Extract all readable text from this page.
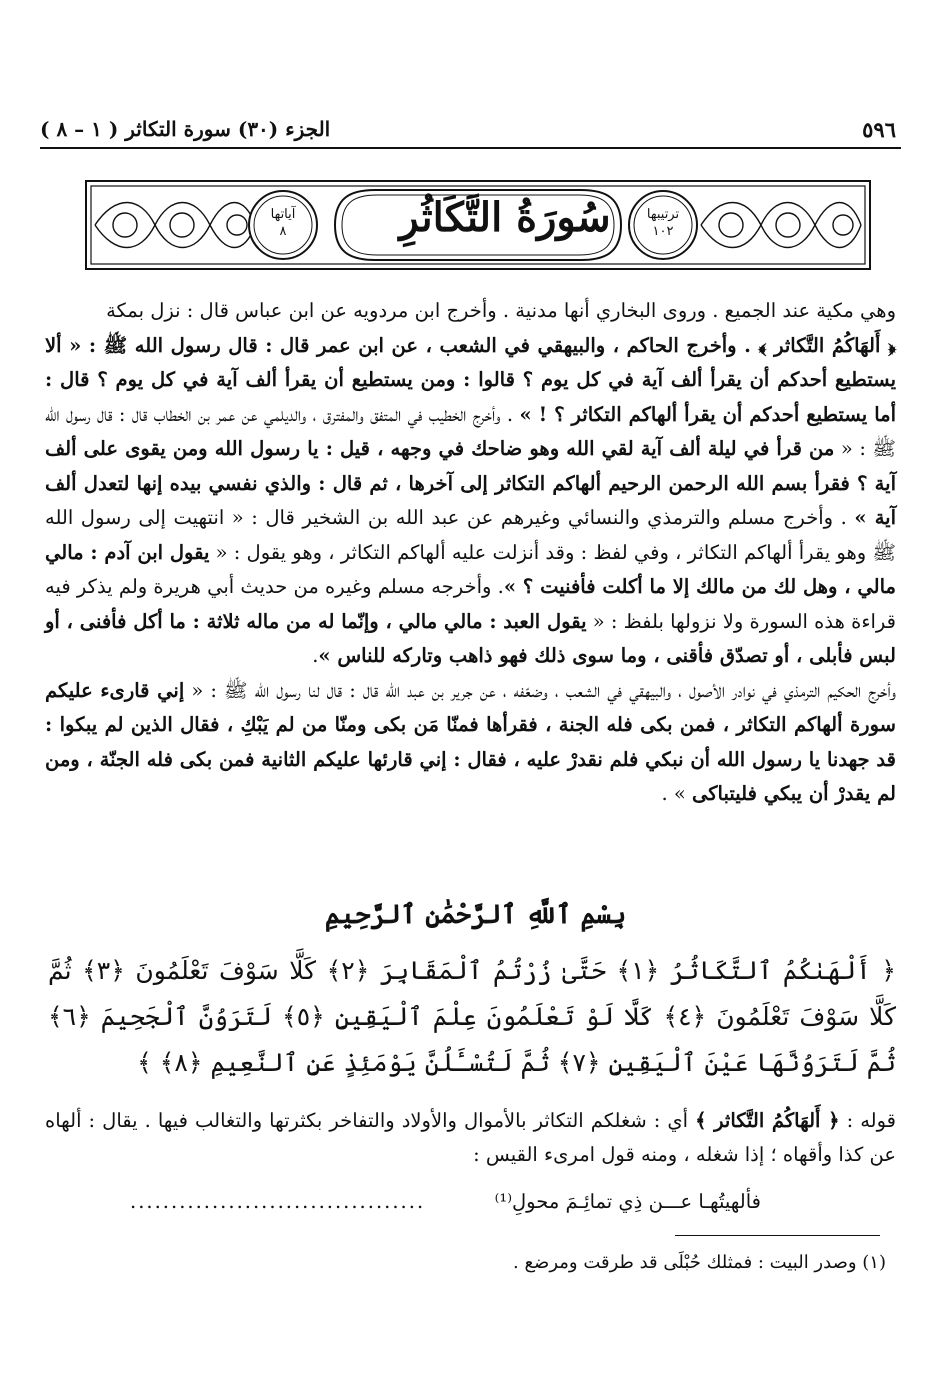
٥٩٦
الجزء (٣٠) سورة التكاثر ( ١ – ٨ )
سُورَةُ التَّكَاثُرِ	ترتيبها
١٠٢
آياتها
٨

وهي مكية عند الجميع . وروى البخاري أنها مدنية . وأخرج ابن مردويه عن ابن عباس قال : نزل بمكة

﴿ أَلهَاكُمُ التَّكاثر ﴾ . وأخرج الحاكم ، والبيهقي في الشعب ، عن ابن عمر قال : قال رسول الله ﷺ : « ألا يستطيع أحدكم أن يقرأ ألف آية في كل يوم ؟ قالوا : ومن يستطيع أن يقرأ ألف آية في كل يوم ؟ قال : أما يستطيع أحدكم أن يقرأ ألهاكم التكاثر ؟ ! » . وأخرج الخطيب في المتفق والمفترق ، والديلمي عن عمر بن الخطاب قال : قال رسول الله ﷺ : « من قرأ في ليلة ألف آية لقي الله وهو ضاحك في وجهه ، قيل : يا رسول الله ومن يقوى على ألف آية ؟ فقرأ بسم الله الرحمن الرحيم ألهاكم التكاثر إلى آخرها ، ثم قال : والذي نفسي بيده إنها لتعدل ألف آية » . وأخرج مسلم والترمذي والنسائي وغيرهم عن عبد الله بن الشخير قال : « انتهيت إلى رسول الله ﷺ وهو يقرأ ألهاكم التكاثر ، وفي لفظ : وقد أنزلت عليه ألهاكم التكاثر ، وهو يقول : « يقول ابن آدم : مالي مالي ، وهل لك من مالك إلا ما أكلت فأفنيت ؟ ». وأخرجه مسلم وغيره من حديث أبي هريرة ولم يذكر فيه قراءة هذه السورة ولا نزولها بلفظ : « يقول العبد : مالي مالي ، وإنّما له من ماله ثلاثة : ما أكل فأفنى ، أو لبس فأبلى ، أو تصدّق فأقنى ، وما سوى ذلك فهو ذاهب وتاركه للناس ».

وأخرج الحكيم الترمذي في نوادر الأصول ، والبيهقي في الشعب ، وضعّفه ، عن جرير بن عبد الله قال : قال لنا رسول الله ﷺ : « إني قارىء عليكم سورة ألهاكم التكاثر ، فمن بكى فله الجنة ، فقرأها فمنّا مَن بكى ومنّا من لم يَبْكِ ، فقال الذين لم يبكوا : قد جهدنا يا رسول الله أن نبكي فلم نقدرْ عليه ، فقال : إني قارئها عليكم الثانية فمن بكى فله الجنّة ، ومن لم يقدرْ أن يبكي فليتباكى » .

بِسْمِ ٱللَّهِ ٱلرَّحْمَٰنِ ٱلرَّحِيمِ
﴿ أَلْهَىٰكُمُ ٱلتَّكَاثُرُ ﴿١﴾ حَتَّىٰ زُرْتُمُ ٱلْمَقَابِرَ ﴿٢﴾ كَلَّا سَوْفَ تَعْلَمُونَ ﴿٣﴾ ثُمَّ كَلَّا سَوْفَ تَعْلَمُونَ ﴿٤﴾ كَلَّا لَوْ تَعْلَمُونَ عِلْمَ ٱلْيَقِينِ ﴿٥﴾ لَتَرَوُنَّ ٱلْجَحِيمَ ﴿٦﴾ ثُمَّ لَتَرَوُنَّهَا عَيْنَ ٱلْيَقِينِ ﴿٧﴾ ثُمَّ لَتُسْـَٔلُنَّ يَوْمَئِذٍ عَنِ ٱلنَّعِيمِ ﴿٨﴾ ﴾

قوله : ﴿ أَلهَاكُمُ التَّكاثر ﴾ أي : شغلكم التكاثر بالأموال والأولاد والتفاخر بكثرتها والتغالب فيها . يقال : ألهاه عن كذا وأقهاه ؛ إذا شغله ، ومنه قول امرىء القيس :

فألهيتُهـا عـــن ذِي تمائِـمَ محولِ⁽¹⁾
....................................
(١) وصدر البيت : فمثلك حُبْلَى قد طرقت ومرضع .
